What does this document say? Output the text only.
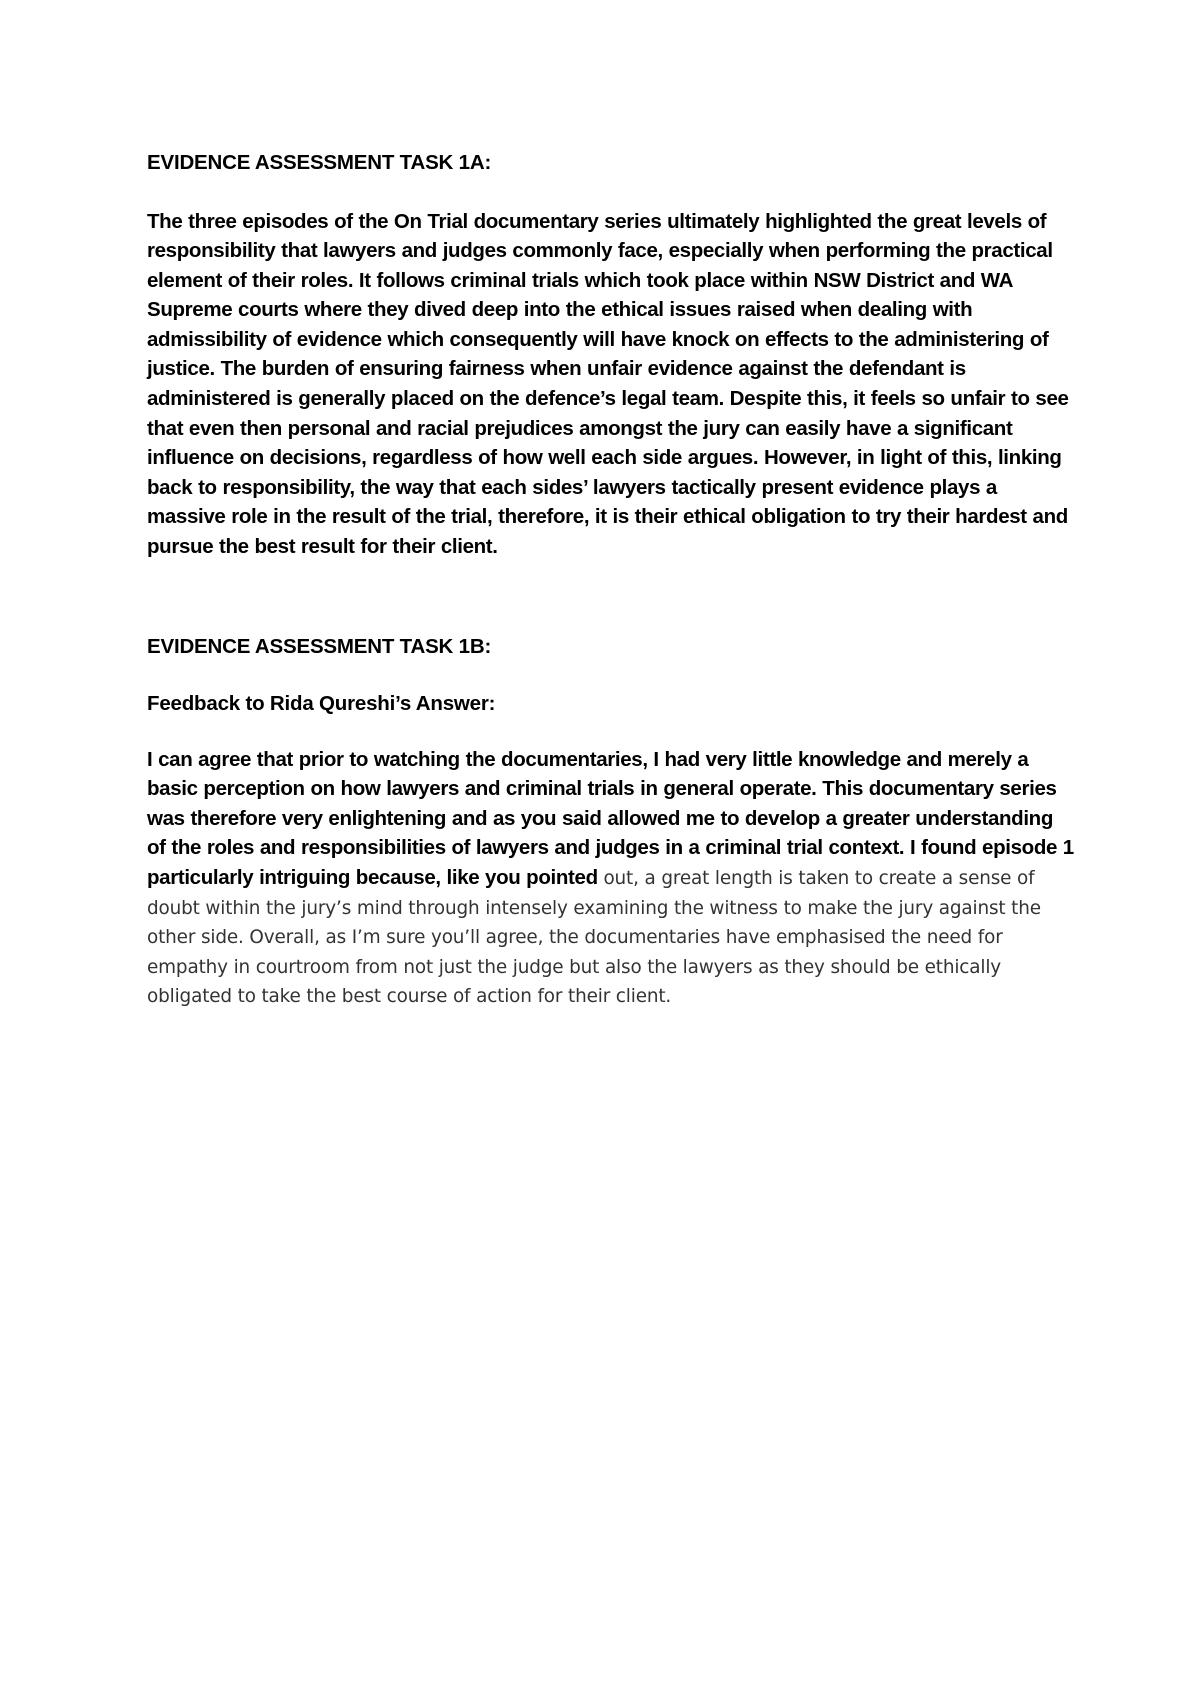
EVIDENCE ASSESSMENT TASK 1A:

The three episodes of the On Trial documentary series ultimately highlighted the great levels of responsibility that lawyers and judges commonly face, especially when performing the practical element of their roles. It follows criminal trials which took place within NSW District and WA Supreme courts where they dived deep into the ethical issues raised when dealing with admissibility of evidence which consequently will have knock on effects to the administering of justice. The burden of ensuring fairness when unfair evidence against the defendant is administered is generally placed on the defence’s legal team. Despite this, it feels so unfair to see that even then personal and racial prejudices amongst the jury can easily have a significant influence on decisions, regardless of how well each side argues. However, in light of this, linking back to responsibility, the way that each sides’ lawyers tactically present evidence plays a massive role in the result of the trial, therefore, it is their ethical obligation to try their hardest and pursue the best result for their client.

EVIDENCE ASSESSMENT TASK 1B:
Feedback to Rida Qureshi’s Answer:

I can agree that prior to watching the documentaries, I had very little knowledge and merely a basic perception on how lawyers and criminal trials in general operate. This documentary series was therefore very enlightening and as you said allowed me to develop a greater understanding of the roles and responsibilities of lawyers and judges in a criminal trial context. I found episode 1 particularly intriguing because, like you pointed out, a great length is taken to create a sense of doubt within the jury’s mind through intensely examining the witness to make the jury against the other side. Overall, as I’m sure you’ll agree, the documentaries have emphasised the need for empathy in courtroom from not just the judge but also the lawyers as they should be ethically obligated to take the best course of action for their client.
